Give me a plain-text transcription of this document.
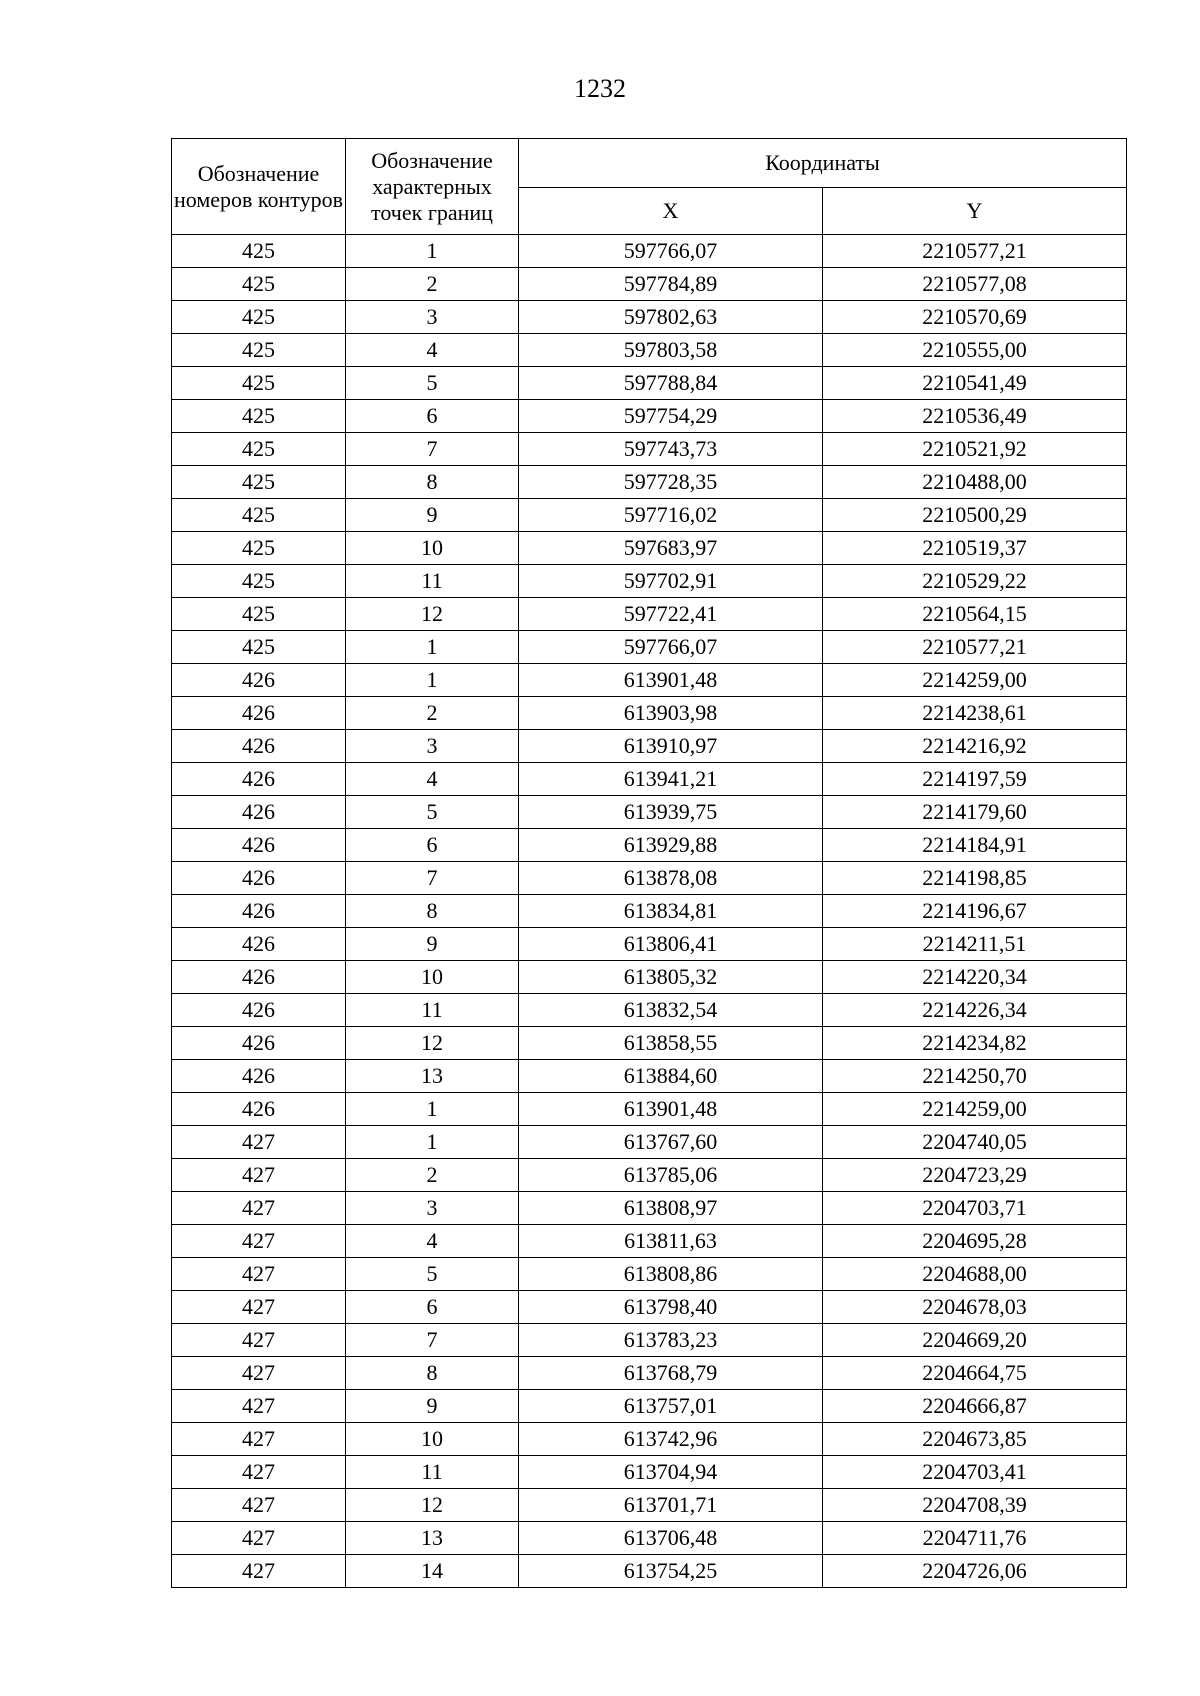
1232
Обозначение номеров контуров	Обозначение характерных точек границ	Координаты	
		X	Y
425	1	597766,07	2210577,21
425	2	597784,89	2210577,08
425	3	597802,63	2210570,69
425	4	597803,58	2210555,00
425	5	597788,84	2210541,49
425	6	597754,29	2210536,49
425	7	597743,73	2210521,92
425	8	597728,35	2210488,00
425	9	597716,02	2210500,29
425	10	597683,97	2210519,37
425	11	597702,91	2210529,22
425	12	597722,41	2210564,15
425	1	597766,07	2210577,21
426	1	613901,48	2214259,00
426	2	613903,98	2214238,61
426	3	613910,97	2214216,92
426	4	613941,21	2214197,59
426	5	613939,75	2214179,60
426	6	613929,88	2214184,91
426	7	613878,08	2214198,85
426	8	613834,81	2214196,67
426	9	613806,41	2214211,51
426	10	613805,32	2214220,34
426	11	613832,54	2214226,34
426	12	613858,55	2214234,82
426	13	613884,60	2214250,70
426	1	613901,48	2214259,00
427	1	613767,60	2204740,05
427	2	613785,06	2204723,29
427	3	613808,97	2204703,71
427	4	613811,63	2204695,28
427	5	613808,86	2204688,00
427	6	613798,40	2204678,03
427	7	613783,23	2204669,20
427	8	613768,79	2204664,75
427	9	613757,01	2204666,87
427	10	613742,96	2204673,85
427	11	613704,94	2204703,41
427	12	613701,71	2204708,39
427	13	613706,48	2204711,76
427	14	613754,25	2204726,06
